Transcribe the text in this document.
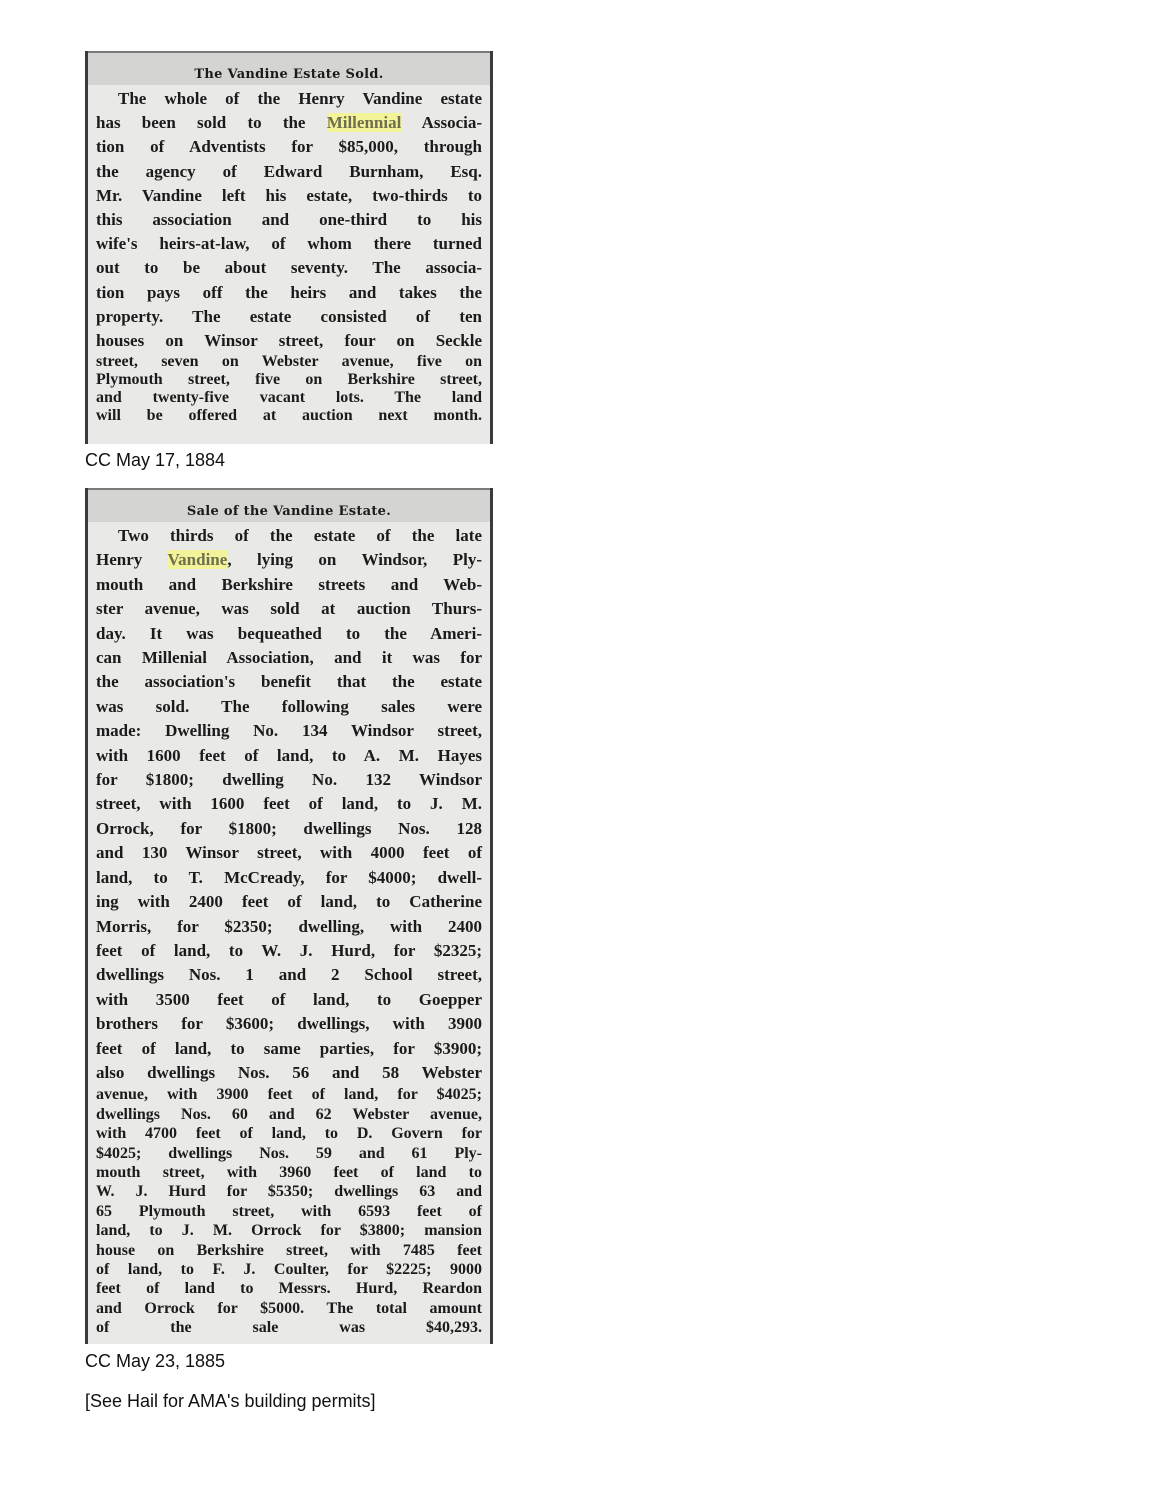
The Vandine Estate Sold.
The whole of the Henry Vandine estate
has been sold to the Millennial Associa-
tion of Adventists for $85,000, through
the agency of Edward Burnham, Esq.
Mr. Vandine left his estate, two-thirds to
this association and one-third to his
wife's heirs-at-law, of whom there turned
out to be about seventy. The associa-
tion pays off the heirs and takes the
property. The estate consisted of ten
houses on Winsor street, four on Seckle
street, seven on Webster avenue, five on
Plymouth street, five on Berkshire street,
and twenty-five vacant lots. The land
will be offered at auction next month.
CC May 17, 1884
Sale of the Vandine Estate.
Two thirds of the estate of the late
Henry Vandine, lying on Windsor, Ply-
mouth and Berkshire streets and Web-
ster avenue, was sold at auction Thurs-
day. It was bequeathed to the Ameri-
can Millenial Association, and it was for
the association's benefit that the estate
was sold. The following sales were
made: Dwelling No. 134 Windsor street,
with 1600 feet of land, to A. M. Hayes
for $1800; dwelling No. 132 Windsor
street, with 1600 feet of land, to J. M.
Orrock, for $1800; dwellings Nos. 128
and 130 Winsor street, with 4000 feet of
land, to T. McCready, for $4000; dwell-
ing with 2400 feet of land, to Catherine
Morris, for $2350; dwelling, with 2400
feet of land, to W. J. Hurd, for $2325;
dwellings Nos. 1 and 2 School street,
with 3500 feet of land, to Goepper
brothers for $3600; dwellings, with 3900
feet of land, to same parties, for $3900;
also dwellings Nos. 56 and 58 Webster
avenue, with 3900 feet of land, for $4025;
dwellings Nos. 60 and 62 Webster avenue,
with 4700 feet of land, to D. Govern for
$4025; dwellings Nos. 59 and 61 Ply-
mouth street, with 3960 feet of land to
W. J. Hurd for $5350; dwellings 63 and
65 Plymouth street, with 6593 feet of
land, to J. M. Orrock for $3800; mansion
house on Berkshire street, with 7485 feet
of land, to F. J. Coulter, for $2225; 9000
feet of land to Messrs. Hurd, Reardon
and Orrock for $5000. The total amount
of the sale was $40,293.
CC May 23, 1885
[See Hail for AMA's building permits]
